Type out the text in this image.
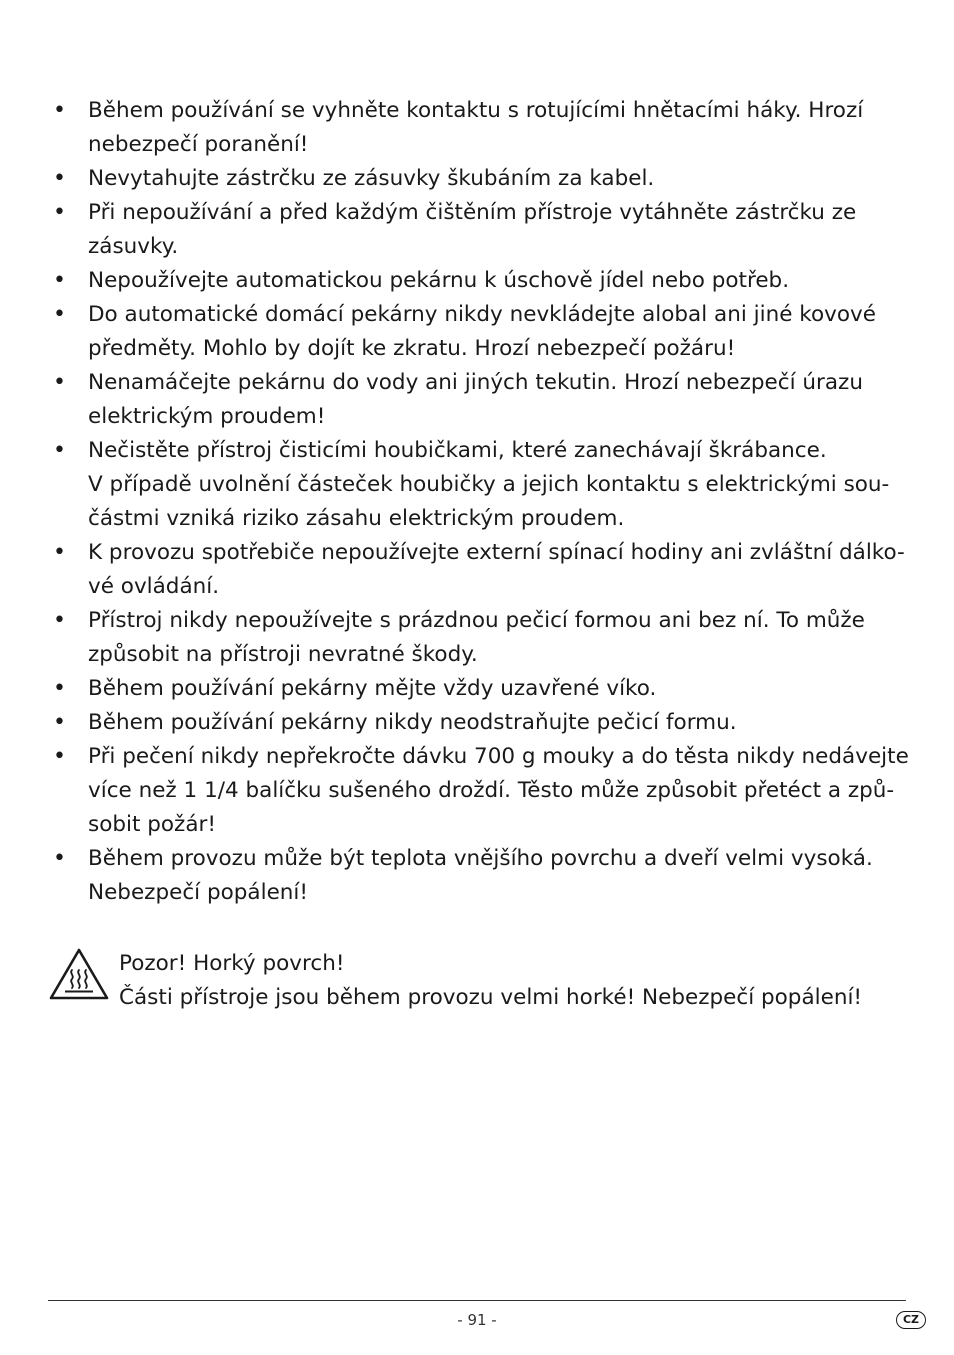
• Během používání se vyhněte kontaktu s rotujícími hnětacími háky. Hrozí
nebezpečí poranění!
• Nevytahujte zástrčku ze zásuvky škubáním za kabel.
• Při nepoužívání a před každým čištěním přístroje vytáhněte zástrčku ze
zásuvky.
• Nepoužívejte automatickou pekárnu k úschově jídel nebo potřeb.
• Do automatické domácí pekárny nikdy nevkládejte alobal ani jiné kovové
předměty. Mohlo by dojít ke zkratu. Hrozí nebezpečí požáru!
• Nenamáčejte pekárnu do vody ani jiných tekutin. Hrozí nebezpečí úrazu
elektrickým proudem!
• Nečistěte přístroj čisticími houbičkami, které zanechávají škrábance.
V případě uvolnění částeček houbičky a jejich kontaktu s elektrickými sou-
částmi vzniká riziko zásahu elektrickým proudem.
• K provozu spotřebiče nepoužívejte externí spínací hodiny ani zvláštní dálko-
vé ovládání.
• Přístroj nikdy nepoužívejte s prázdnou pečicí formou ani bez ní. To může
způsobit na přístroji nevratné škody.
• Během používání pekárny mějte vždy uzavřené víko.
• Během používání pekárny nikdy neodstraňujte pečicí formu.
• Při pečení nikdy nepřekročte dávku 700 g mouky a do těsta nikdy nedávejte
více než 1 1/4 balíčku sušeného droždí. Těsto může způsobit přetéct a způ-
sobit požár!
• Během provozu může být teplota vnějšího povrchu a dveří velmi vysoká.
Nebezpečí popálení!
Pozor! Horký povrch!
Části přístroje jsou během provozu velmi horké! Nebezpečí popálení!
- 91 -	CZ
